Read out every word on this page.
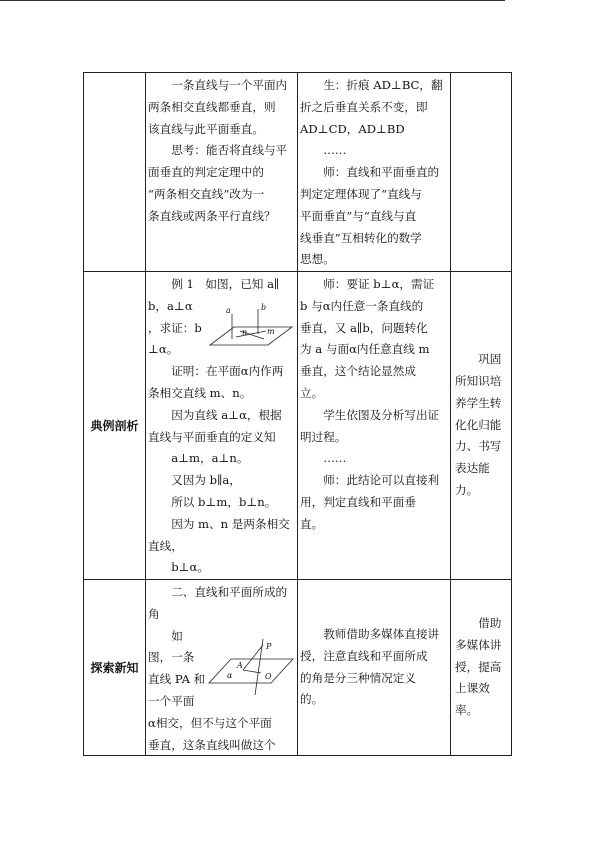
一条直线与一个平面内
两条相交直线都垂直，则
该直线与此平面垂直。
思考：能否将直线与平
面垂直的判定定理中的
“两条相交直线”改为一
条直线或两条平行直线？
生：折痕 AD⊥BC，翻
折之后垂直关系不变，即
AD⊥CD，AD⊥BD
……
师：直线和平面垂直的
判定定理体现了“直线与
平面垂直”与“直线与直
线垂直”互相转化的数学
思想。
典例剖析
a	b
m
n
例 1　如图，已知 a∥
b，a⊥α
，求证：b
⊥α。
证明：在平面α内作两
条相交直线 m、n。
因为直线 a⊥α，根据
直线与平面垂直的定义知
a⊥m，a⊥n。
又因为 b∥a，
所以 b⊥m，b⊥n。
因为 m、n 是两条相交
直线，
b⊥α。
师：要证 b⊥α，需证
b 与α内任意一条直线的
垂直，又 a∥b，问题转化
为 a 与面α内任意直线 m
垂直，这个结论显然成
立。
学生依图及分析写出证
明过程。
……
师：此结论可以直接利
用，判定直线和平面垂
直。
巩固
所知识培
养学生转
化化归能
力、书写
表达能
力。
探索新知
P
A
α	O
二、直线和平面所成的
角
如
图，一条
直线 PA 和
一个平面
α相交，但不与这个平面
垂直，这条直线叫做这个
教师借助多媒体直接讲
授，注意直线和平面所成
的角是分三种情况定义
的。
借助
多媒体讲
授，提高
上课效
率。
